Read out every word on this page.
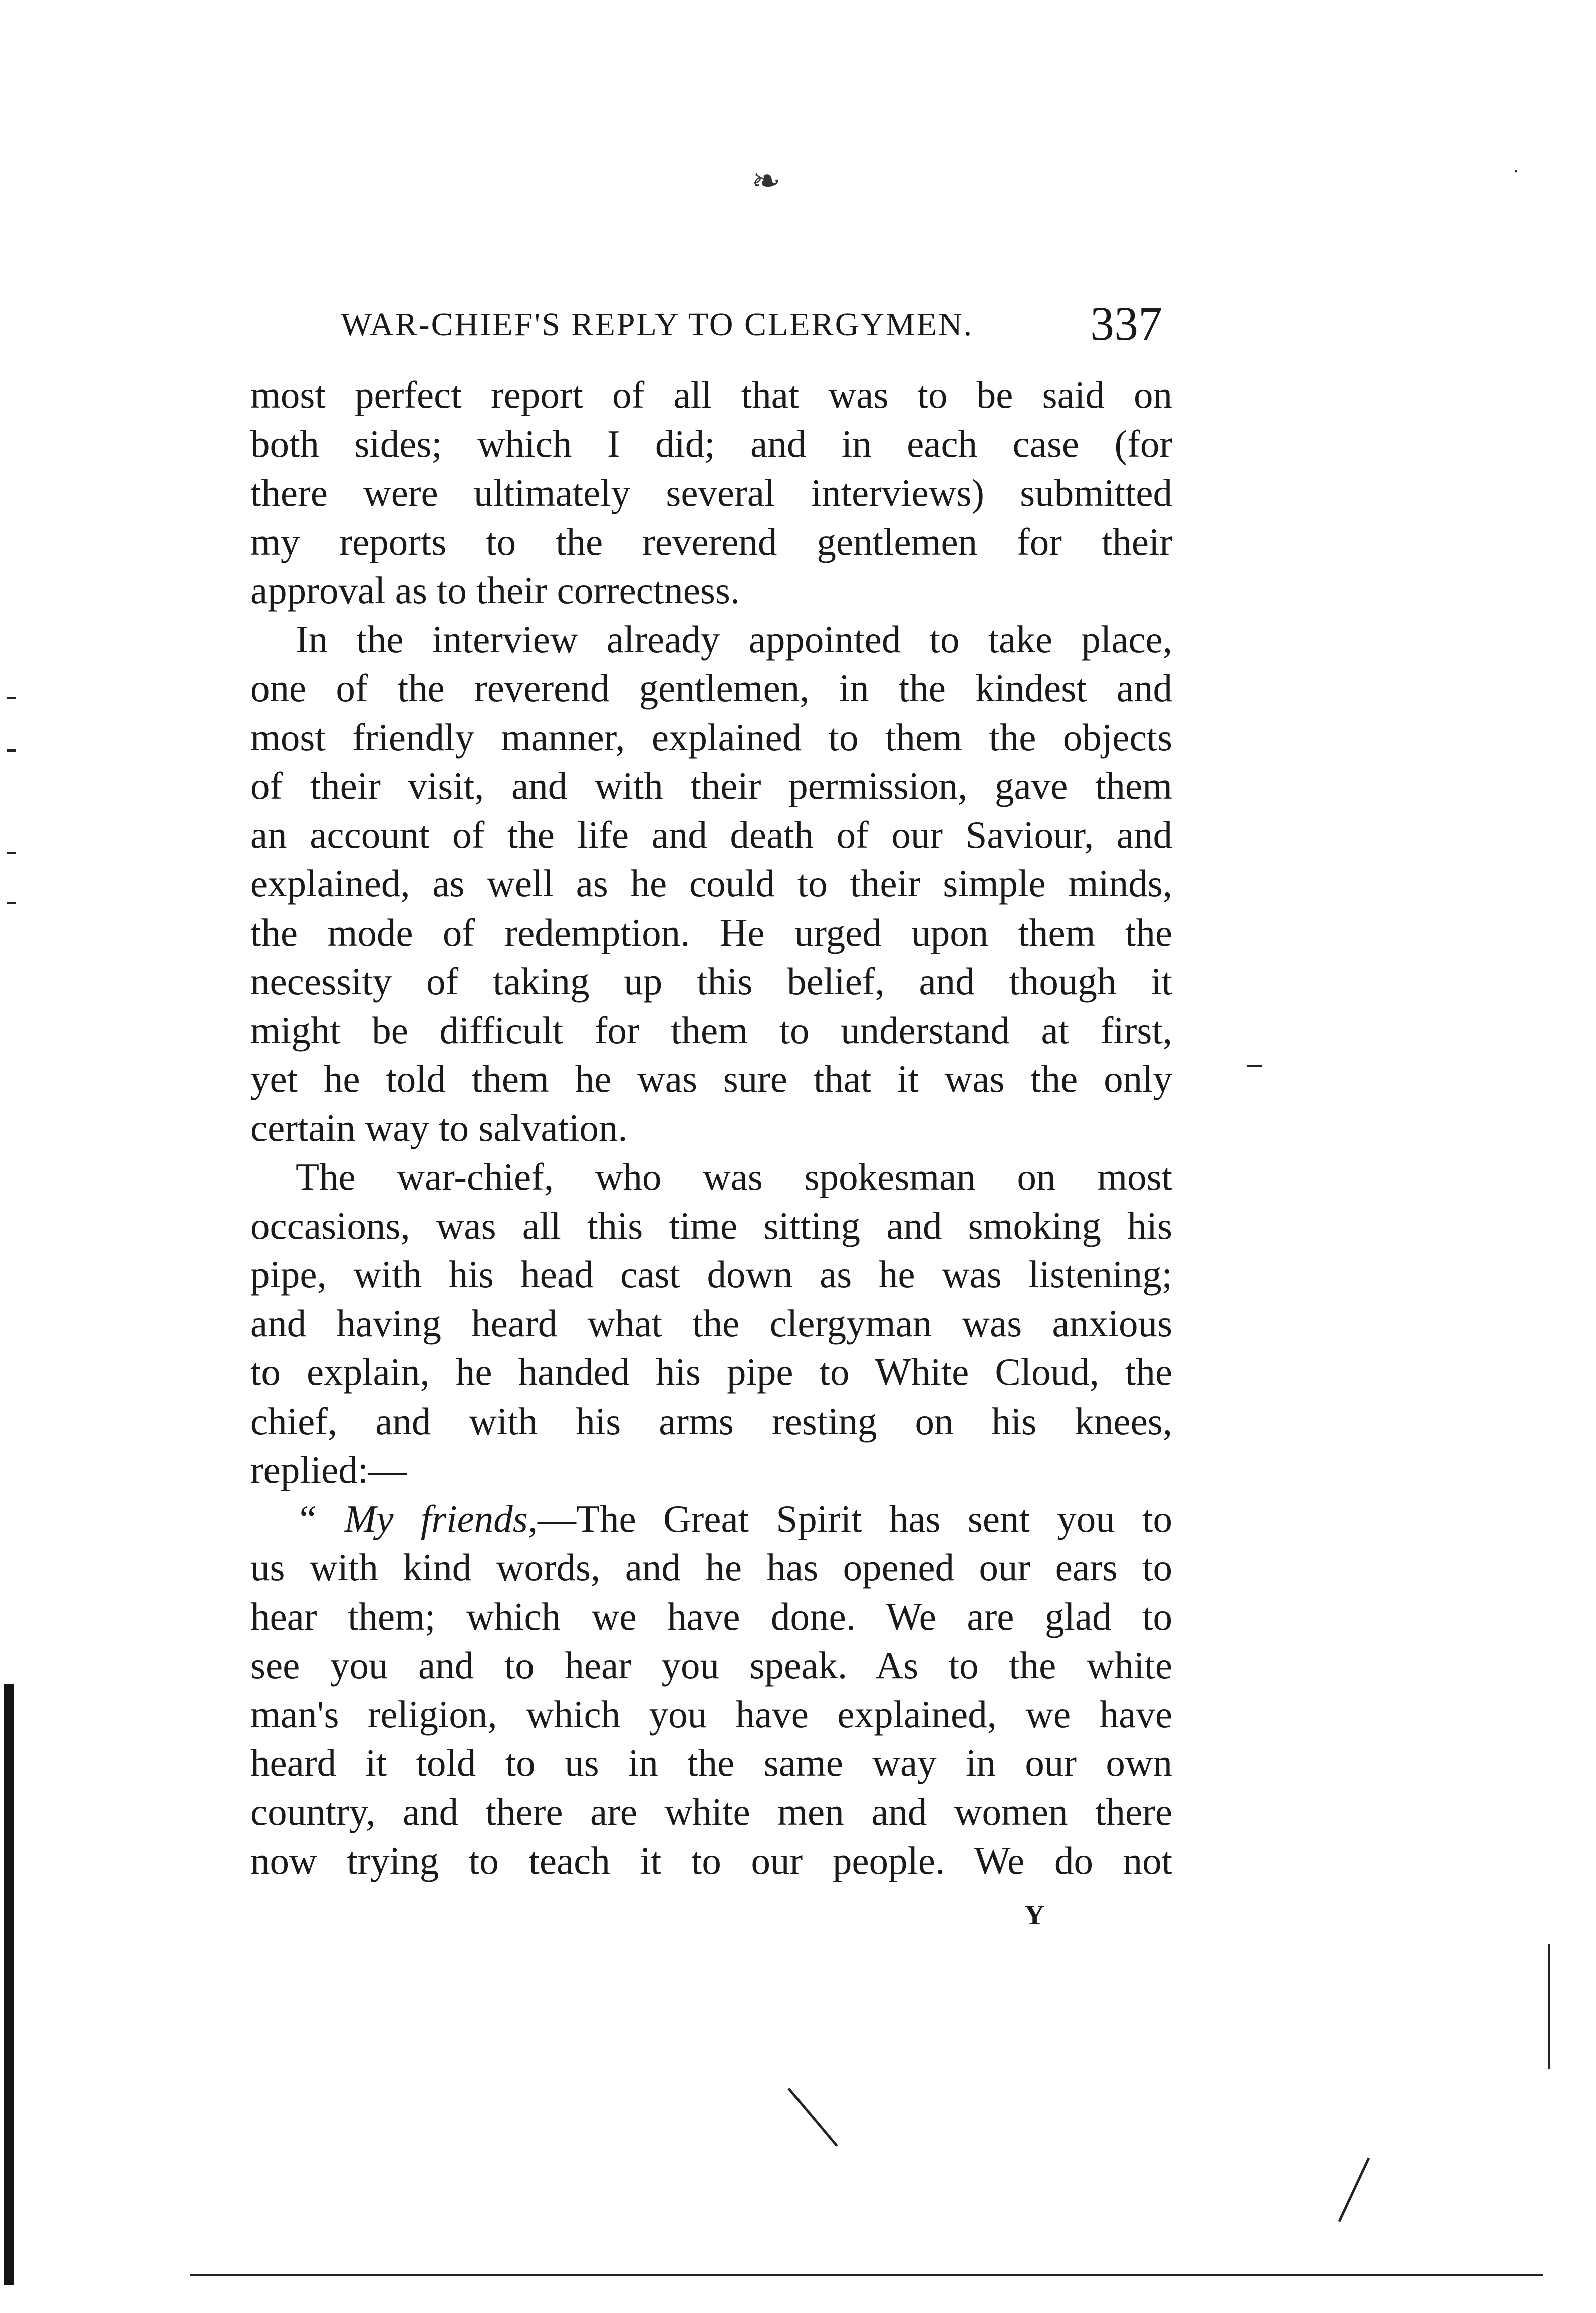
WAR-CHIEF'S REPLY TO CLERGYMEN. 337
most perfect report of all that was to be said on
both sides; which I did; and in each case (for
there were ultimately several interviews) submitted
my reports to the reverend gentlemen for their
approval as to their correctness.
In the interview already appointed to take place,
one of the reverend gentlemen, in the kindest and
most friendly manner, explained to them the objects
of their visit, and with their permission, gave them
an account of the life and death of our Saviour, and
explained, as well as he could to their simple minds,
the mode of redemption. He urged upon them the
necessity of taking up this belief, and though it
might be difficult for them to understand at first,
yet he told them he was sure that it was the only
certain way to salvation.
The war-chief, who was spokesman on most
occasions, was all this time sitting and smoking his
pipe, with his head cast down as he was listening;
and having heard what the clergyman was anxious
to explain, he handed his pipe to White Cloud, the
chief, and with his arms resting on his knees,
replied:—
“ My friends,—The Great Spirit has sent you to
us with kind words, and he has opened our ears to
hear them; which we have done. We are glad to
see you and to hear you speak. As to the white
man's religion, which you have explained, we have
heard it told to us in the same way in our own
country, and there are white men and women there
now trying to teach it to our people. We do not
Y
❧	·
